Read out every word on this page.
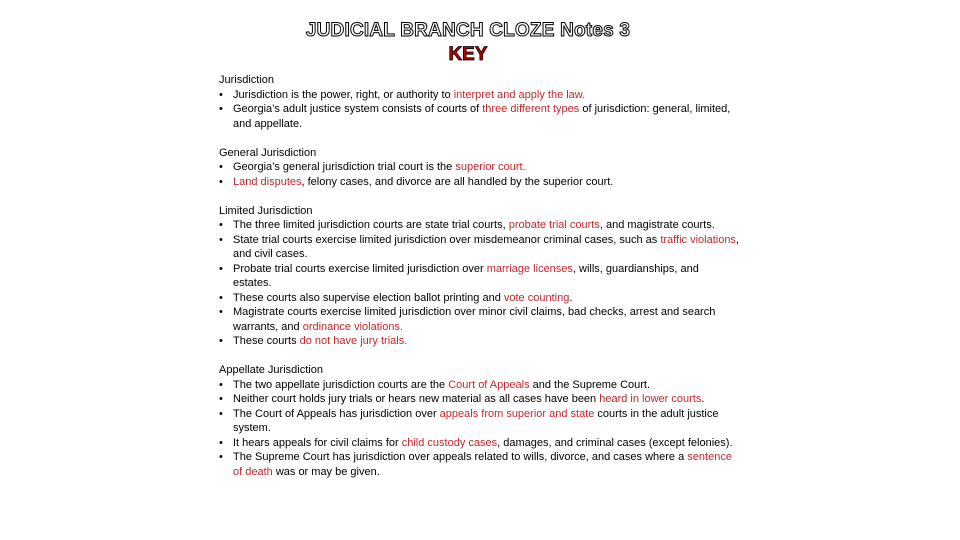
JUDICIAL BRANCH CLOZE Notes 3
KEY
Jurisdiction
• Jurisdiction is the power, right, or authority to interpret and apply the law.
• Georgia’s adult justice system consists of courts of three different types of jurisdiction: general, limited, and appellate.
General Jurisdiction
• Georgia’s general jurisdiction trial court is the superior court.
• Land disputes, felony cases, and divorce are all handled by the superior court.
Limited Jurisdiction
• The three limited jurisdiction courts are state trial courts, probate trial courts, and magistrate courts.
• State trial courts exercise limited jurisdiction over misdemeanor criminal cases, such as traffic violations, and civil cases.
• Probate trial courts exercise limited jurisdiction over marriage licenses, wills, guardianships, and estates.
• These courts also supervise election ballot printing and vote counting.
• Magistrate courts exercise limited jurisdiction over minor civil claims, bad checks, arrest and search warrants, and ordinance violations.
• These courts do not have jury trials.
Appellate Jurisdiction
• The two appellate jurisdiction courts are the Court of Appeals and the Supreme Court.
• Neither court holds jury trials or hears new material as all cases have been heard in lower courts.
• The Court of Appeals has jurisdiction over appeals from superior and state courts in the adult justice system.
• It hears appeals for civil claims for child custody cases, damages, and criminal cases (except felonies).
• The Supreme Court has jurisdiction over appeals related to wills, divorce, and cases where a sentence of death was or may be given.
